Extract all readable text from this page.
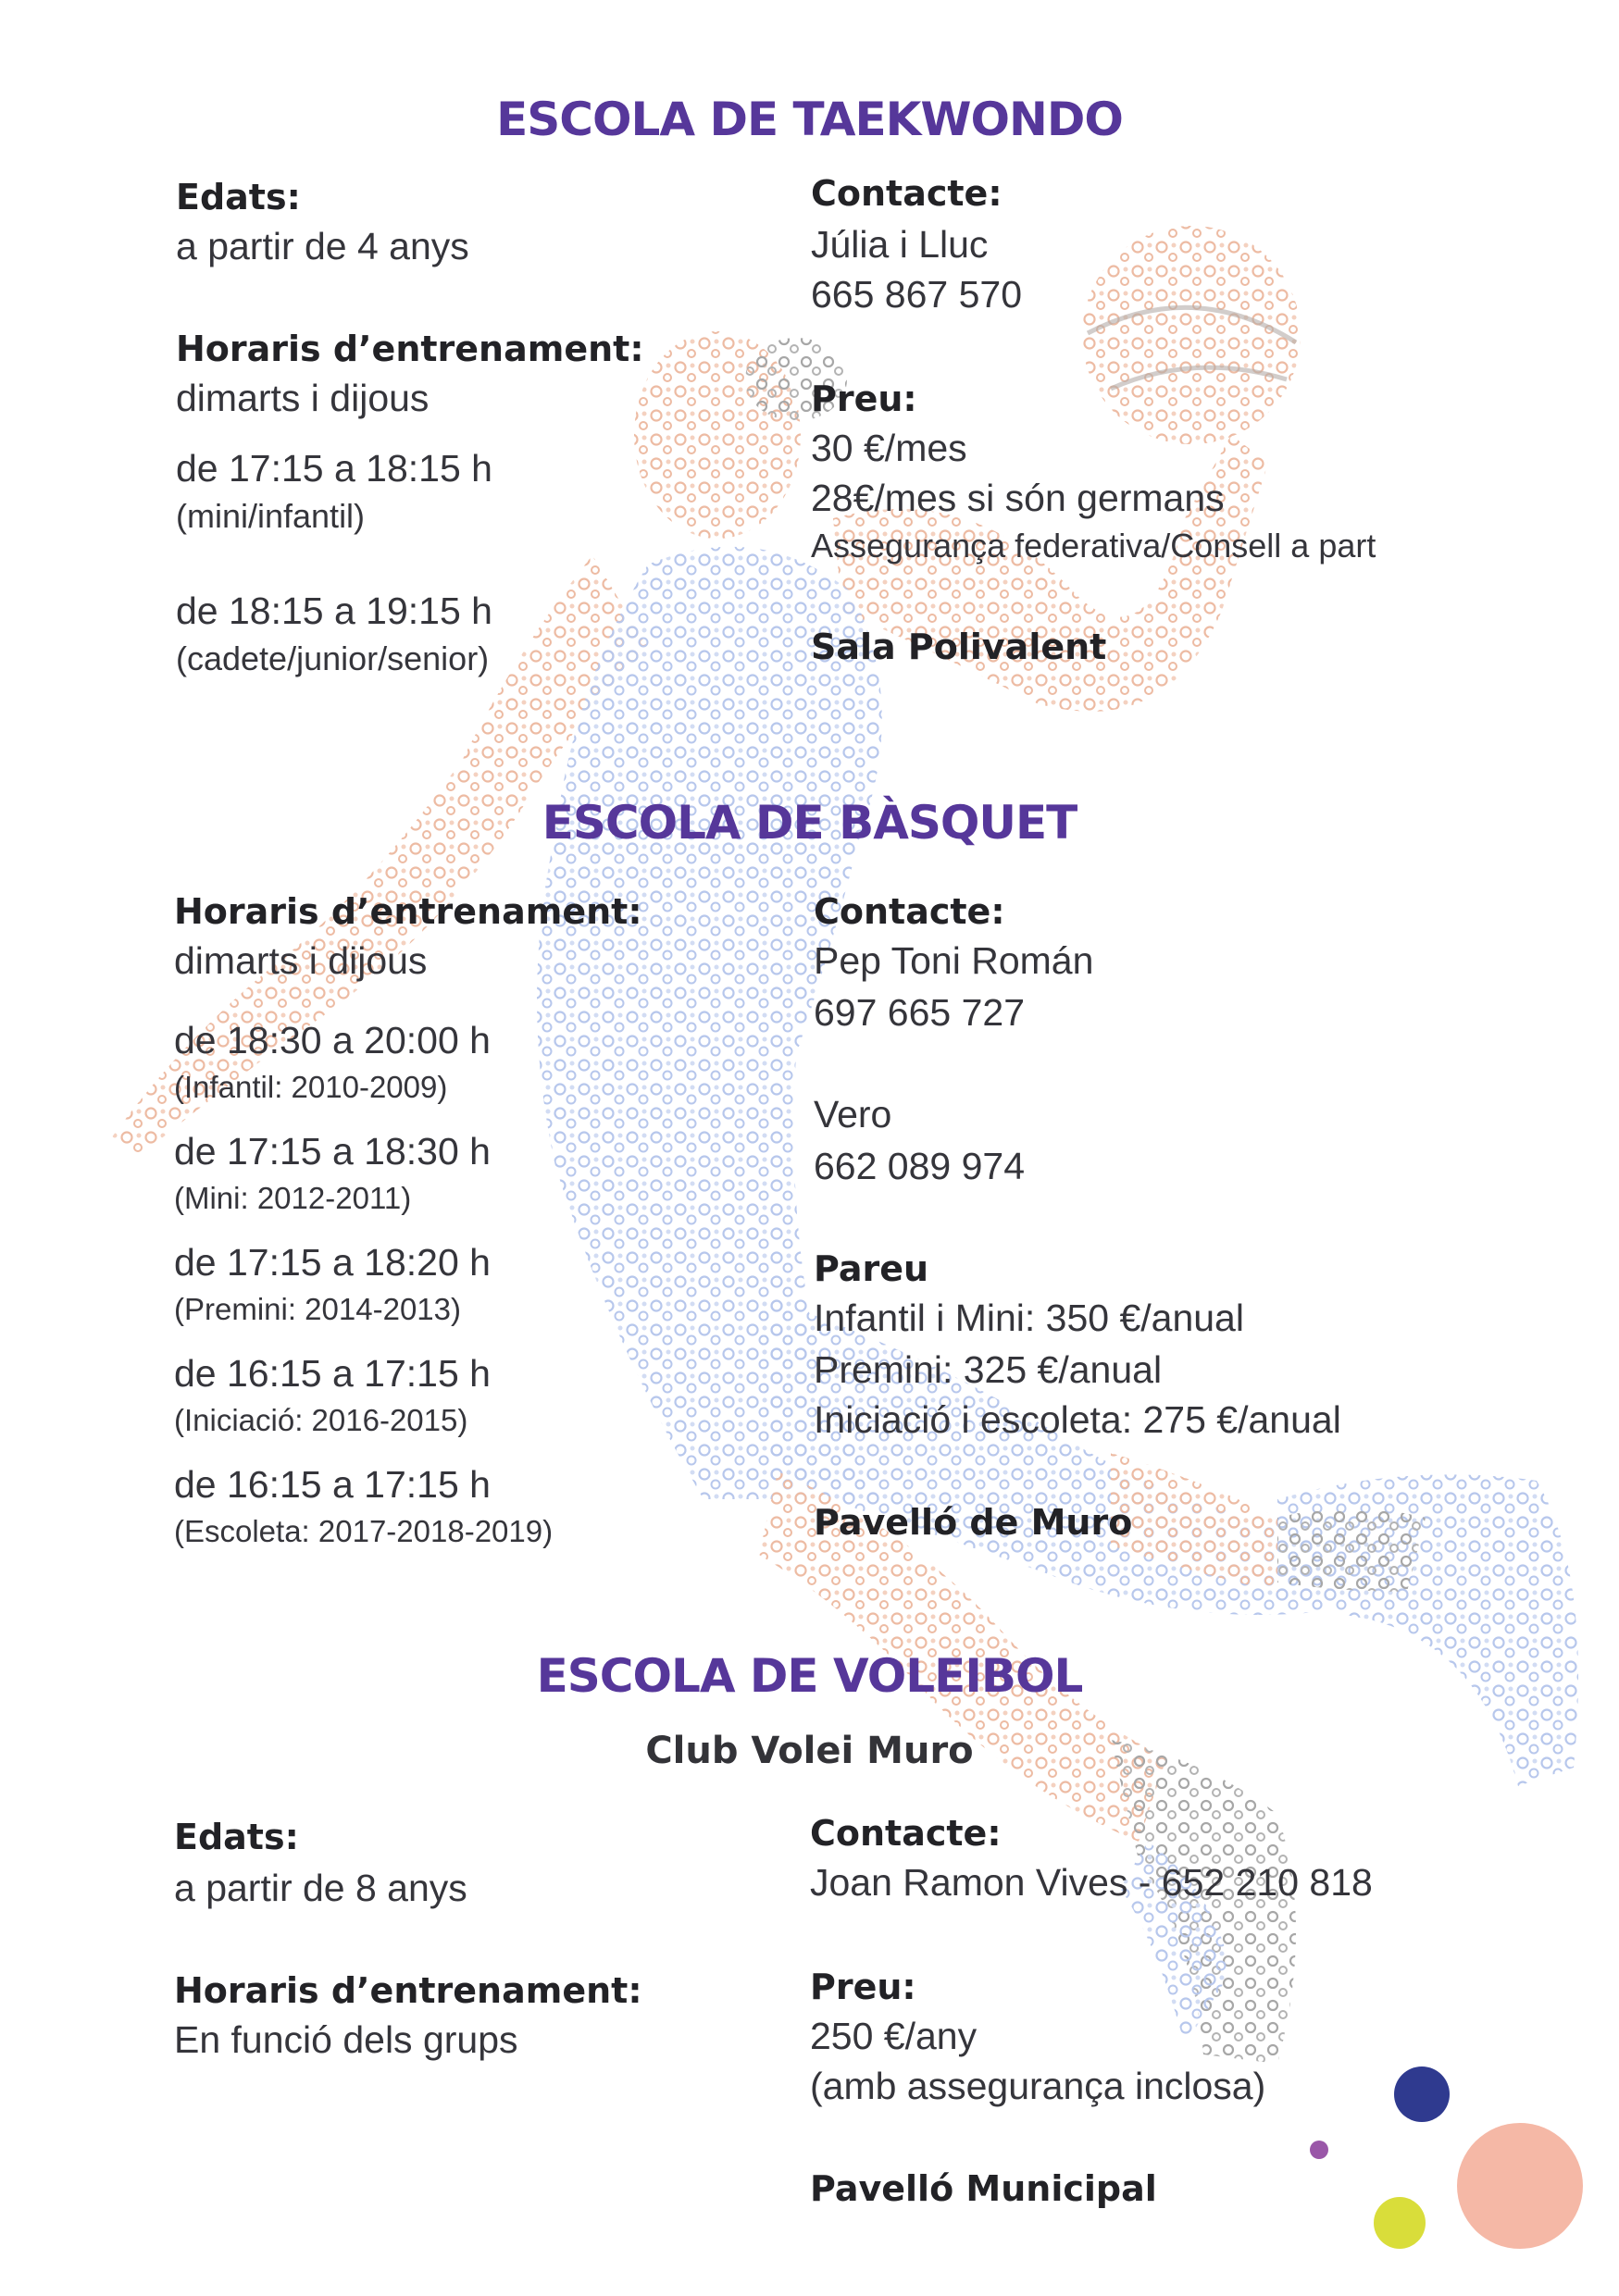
ESCOLA DE TAEKWONDO
Edats:
a partir de 4 anys
Horaris d’entrenament:
dimarts i dijous
de 17:15 a 18:15 h
(mini/infantil)
de 18:15 a 19:15 h
(cadete/junior/senior)
Contacte:
Júlia i Lluc
665 867 570
Preu:
30 €/mes
28€/mes si són germans
Assegurança federativa/Consell a part
Sala Polivalent
ESCOLA DE BÀSQUET
Horaris d’entrenament:
dimarts i dijous
de 18:30 a 20:00 h
(Infantil: 2010-2009)
de 17:15 a 18:30 h
(Mini: 2012-2011)
de 17:15 a 18:20 h
(Premini: 2014-2013)
de 16:15 a 17:15 h
(Iniciació: 2016-2015)
de 16:15 a 17:15 h
(Escoleta: 2017-2018-2019)
Contacte:
Pep Toni Román
697 665 727
Vero
662 089 974
Pareu
Infantil i Mini: 350 €/anual
Premini: 325 €/anual
Iniciació i escoleta: 275 €/anual
Pavelló de Muro
ESCOLA DE VOLEIBOL
Club Volei Muro
Edats:
a partir de 8 anys
Horaris d’entrenament:
En funció dels grups
Contacte:
Joan Ramon Vives - 652 210 818
Preu:
250 €/any
(amb assegurança inclosa)
Pavelló Municipal
